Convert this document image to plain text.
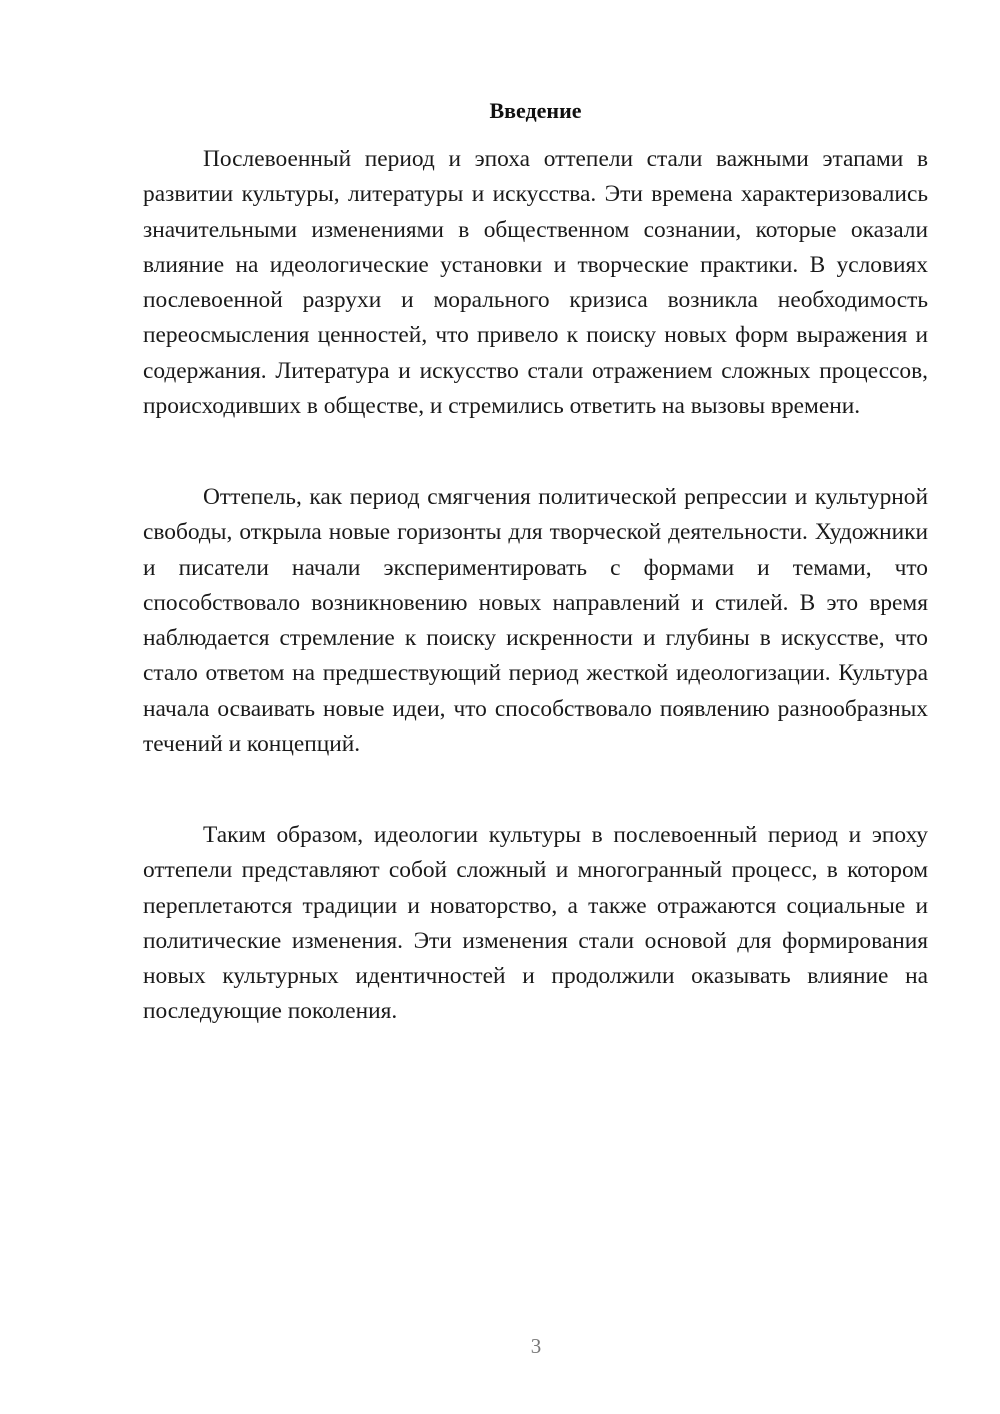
Введение

Послевоенный период и эпоха оттепели стали важными этапами в развитии культуры, литературы и искусства. Эти времена характеризовались значительными изменениями в общественном сознании, которые оказали влияние на идеологические установки и творческие практики. В условиях послевоенной разрухи и морального кризиса возникла необходимость переосмысления ценностей, что привело к поиску новых форм выражения и содержания. Литература и искусство стали отражением сложных процессов, происходивших в обществе, и стремились ответить на вызовы времени.

Оттепель, как период смягчения политической репрессии и культурной свободы, открыла новые горизонты для творческой деятельности. Художники и писатели начали экспериментировать с формами и темами, что способствовало возникновению новых направлений и стилей. В это время наблюдается стремление к поиску искренности и глубины в искусстве, что стало ответом на предшествующий период жесткой идеологизации. Культура начала осваивать новые идеи, что способствовало появлению разнообразных течений и концепций.

Таким образом, идеологии культуры в послевоенный период и эпоху оттепели представляют собой сложный и многогранный процесс, в котором переплетаются традиции и новаторство, а также отражаются социальные и политические изменения. Эти изменения стали основой для формирования новых культурных идентичностей и продолжили оказывать влияние на последующие поколения.

3
